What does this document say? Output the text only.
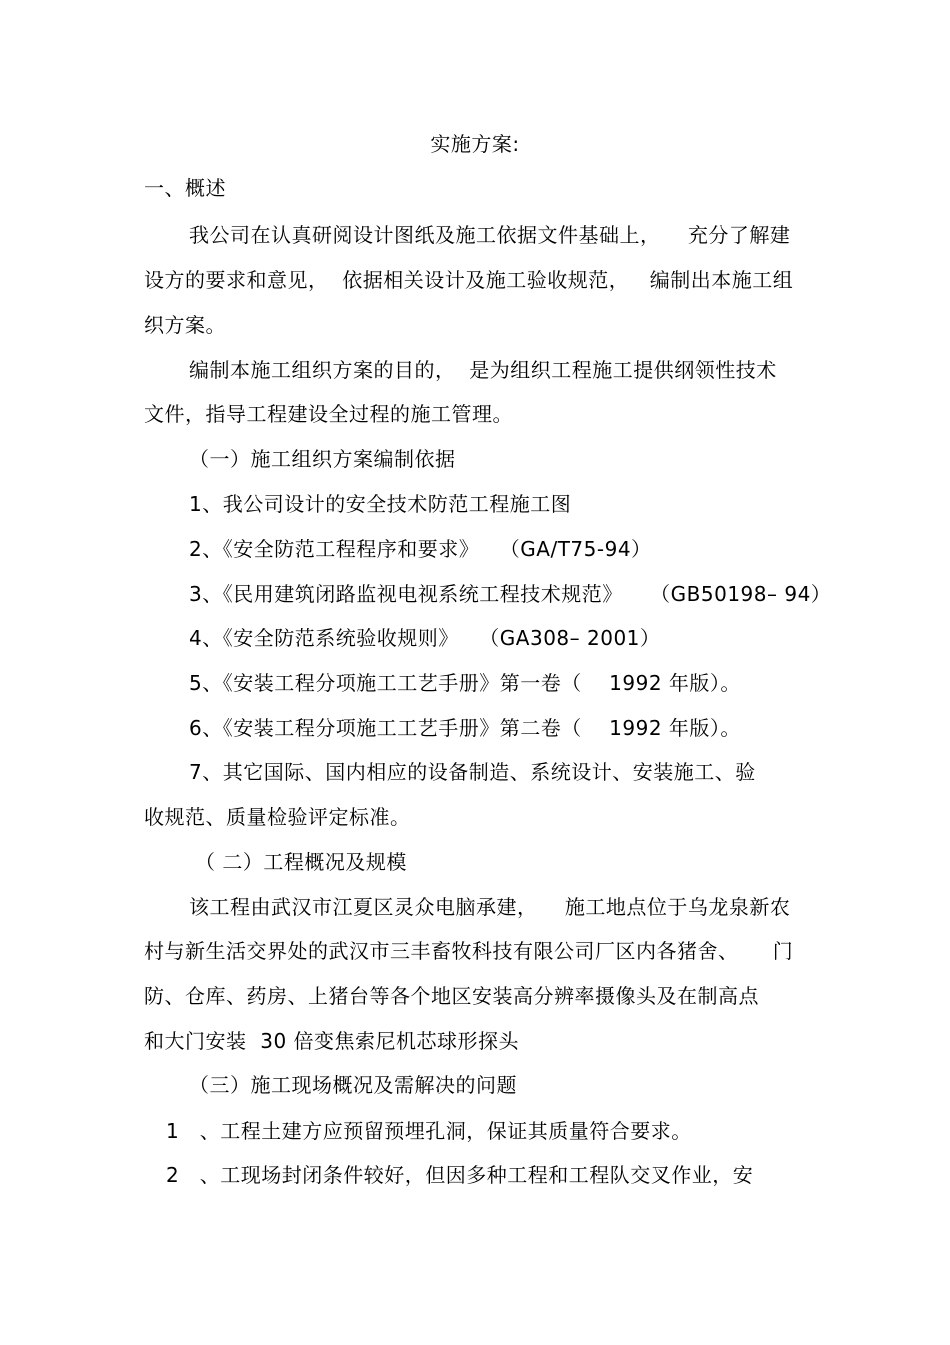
实施方案:
一、概述
我公司在认真研阅设计图纸及施工依据文件基础上，    充分了解建
设方的要求和意见，  依据相关设计及施工验收规范，   编制出本施工组
织方案。
编制本施工组织方案的目的，  是为组织工程施工提供纲领性技术
文件，指导工程建设全过程的施工管理。
（一）施工组织方案编制依据
1、我公司设计的安全技术防范工程施工图
2、《安全防范工程程序和要求》   （GA/T75-94）
3、《民用建筑闭路监视电视系统工程技术规范》    （GB50198– 94）
4、《安全防范系统验收规则》   （GA308– 2001）
5、《安装工程分项施工工艺手册》第一卷（    1992 年版）。
6、《安装工程分项施工工艺手册》第二卷（    1992 年版）。
7、其它国际、国内相应的设备制造、系统设计、安装施工、验
收规范、质量检验评定标准。
（ 二）工程概况及规模
该工程由武汉市江夏区灵众电脑承建，    施工地点位于乌龙泉新农
村与新生活交界处的武汉市三丰畜牧科技有限公司厂区内各猪舍、     门
防、仓库、药房、上猪台等各个地区安装高分辨率摄像头及在制高点
和大门安装  30 倍变焦索尼机芯球形探头
（三）施工现场概况及需解决的问题
1   、工程土建方应预留预埋孔洞，保证其质量符合要求。
2   、工现场封闭条件较好，但因多种工程和工程队交叉作业，安
